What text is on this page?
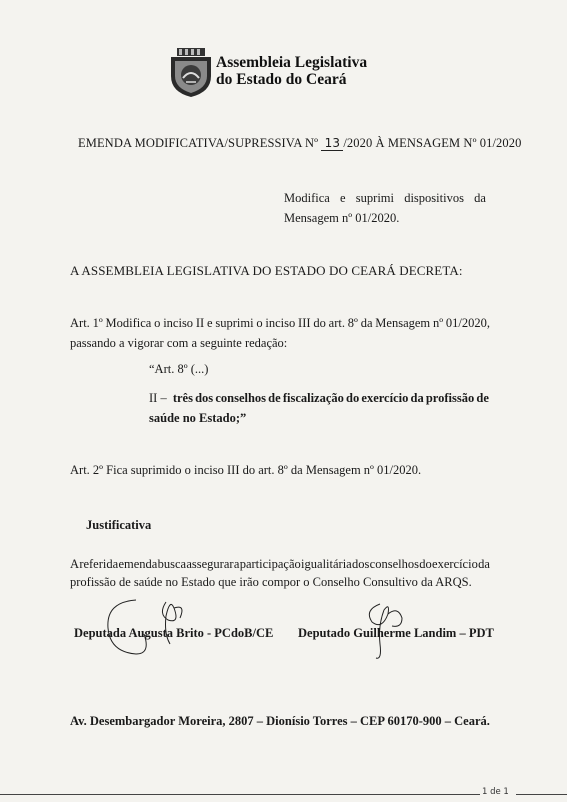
Assembleia Legislativa
do Estado do Ceará
EMENDA MODIFICATIVA/SUPRESSIVA Nº 13 /2020 À MENSAGEM Nº 01/2020
Modifica e suprimi dispositivos da
Mensagem nº 01/2020.
A ASSEMBLEIA LEGISLATIVA DO ESTADO DO CEARÁ DECRETA:
Art. 1º Modifica o inciso II e suprimi o inciso III do art. 8º da Mensagem nº 01/2020,
passando a vigorar com a seguinte redação:
“Art. 8º (...)
II – três dos conselhos de fiscalização do exercício da profissão de
saúde no Estado;”
Art. 2º Fica suprimido o inciso III do art. 8º da Mensagem nº 01/2020.
Justificativa
A referida emenda busca assegurar a participação igualitária dos conselhos do exercício da
profissão de saúde no Estado que irão compor o Conselho Consultivo da ARQS.
Deputada Augusta Brito - PCdoB/CE Deputado Guilherme Landim – PDT
Av. Desembargador Moreira, 2807 – Dionísio Torres – CEP 60170-900 – Ceará.
1 de 1
